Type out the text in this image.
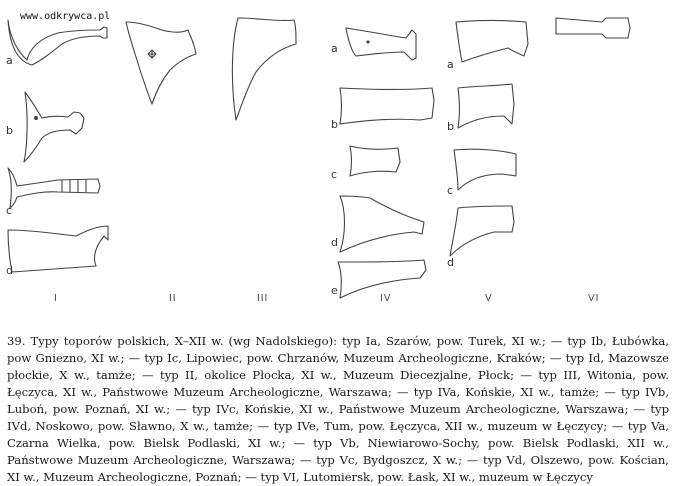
www.odkrywca.pl
a
b
c
d
a
b
c
d
e
a
b
c
d
I	II	III	IV	V	VI

39. Typy toporów polskich, X–XII w. (wg Nadolskiego): typ Ia, Szarów, pow. Turek, XI w.; — typ Ib, Łubówka, pow Gniezno, XI w.; — typ Ic, Lipowiec, pow. Chrzanów, Muzeum Archeologiczne, Kraków; — typ Id, Mazowsze płockie, X w., tamże; — typ II, okolice Płocka, XI w., Muzeum Diecezjalne, Płock; — typ III, Witonia, pow. Łęczyca, XI w., Państwowe Muzeum Archeologiczne, Warszawa; — typ IVa, Końskie, XI w., tamże; — typ IVb, Luboń, pow. Poznań, XI w.; — typ IVc, Końskie, XI w., Państwowe Muzeum Archeologiczne, Warszawa; — typ IVd, Noskowo, pow. Sławno, X w., tamże; — typ IVe, Tum, pow. Łęczyca, XII w., muzeum w Łęczycy; — typ Va, Czarna Wielka, pow. Bielsk Podlaski, XI w.; — typ Vb, Niewiarowo-Sochy, pow. Bielsk Podlaski, XII w., Państwowe Muzeum Archeologiczne, Warszawa; — typ Vc, Bydgoszcz, X w.; — typ Vd, Olszewo, pow. Kościan, XI w., Muzeum Archeologiczne, Poznań; — typ VI, Lutomiersk, pow. Łask, XI w., muzeum w Łęczycy
